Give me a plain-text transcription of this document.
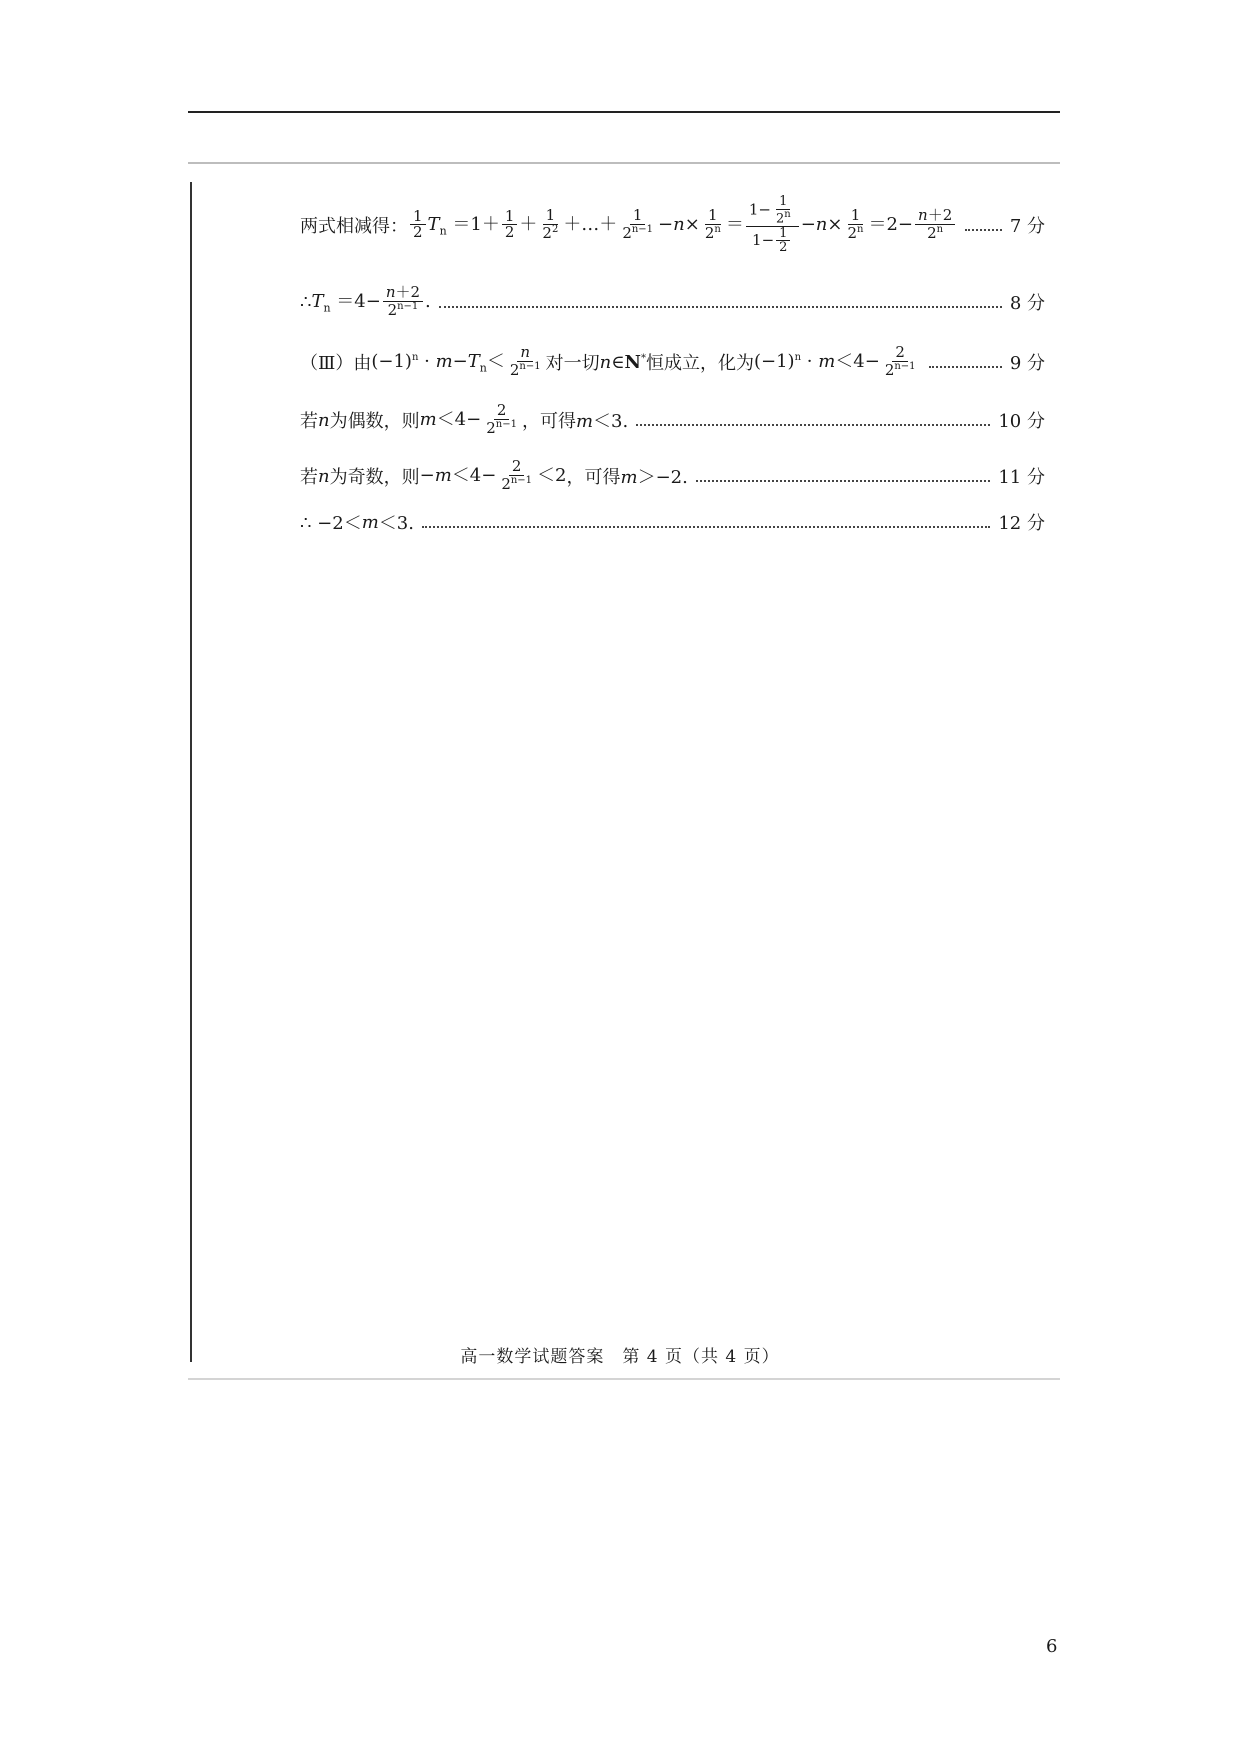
两式相减得： $\frac{1}{2} T_n =1+ \frac{1}{2} + \frac{1}{2^2}$ ＋…＋ $\frac{1}{2^{n-1}} -n\times \frac{1}{2^n} = \frac{1- \frac{1}{2^n}}{1- \frac{1}{2}} -n\times \frac{1}{2^n} =2- \frac{n+2}{2^n}$	7 分
∴ $T_n =4- \frac{n+2}{2^{n-1}}$ .	8 分
（Ⅲ）由 $(-1)^n \cdot m-T_n< \frac{n}{2^{n-1}}$ 对一切 n∈N* 恒成立，化为 $(-1)^n \cdot m<4- \frac{2}{2^{n-1}}$	9 分
若 n 为偶数，则 $m<4- \frac{2}{2^{n-1}}$ ，可得 m＜3.	10 分
若 n 为奇数，则 $-m<4- \frac{2}{2^{n-1}} <2$ ，可得 m＞−2.	11 分
∴ −2＜ m ＜3.	12 分
高一数学试题答案　第 4 页（共 4 页）
6
